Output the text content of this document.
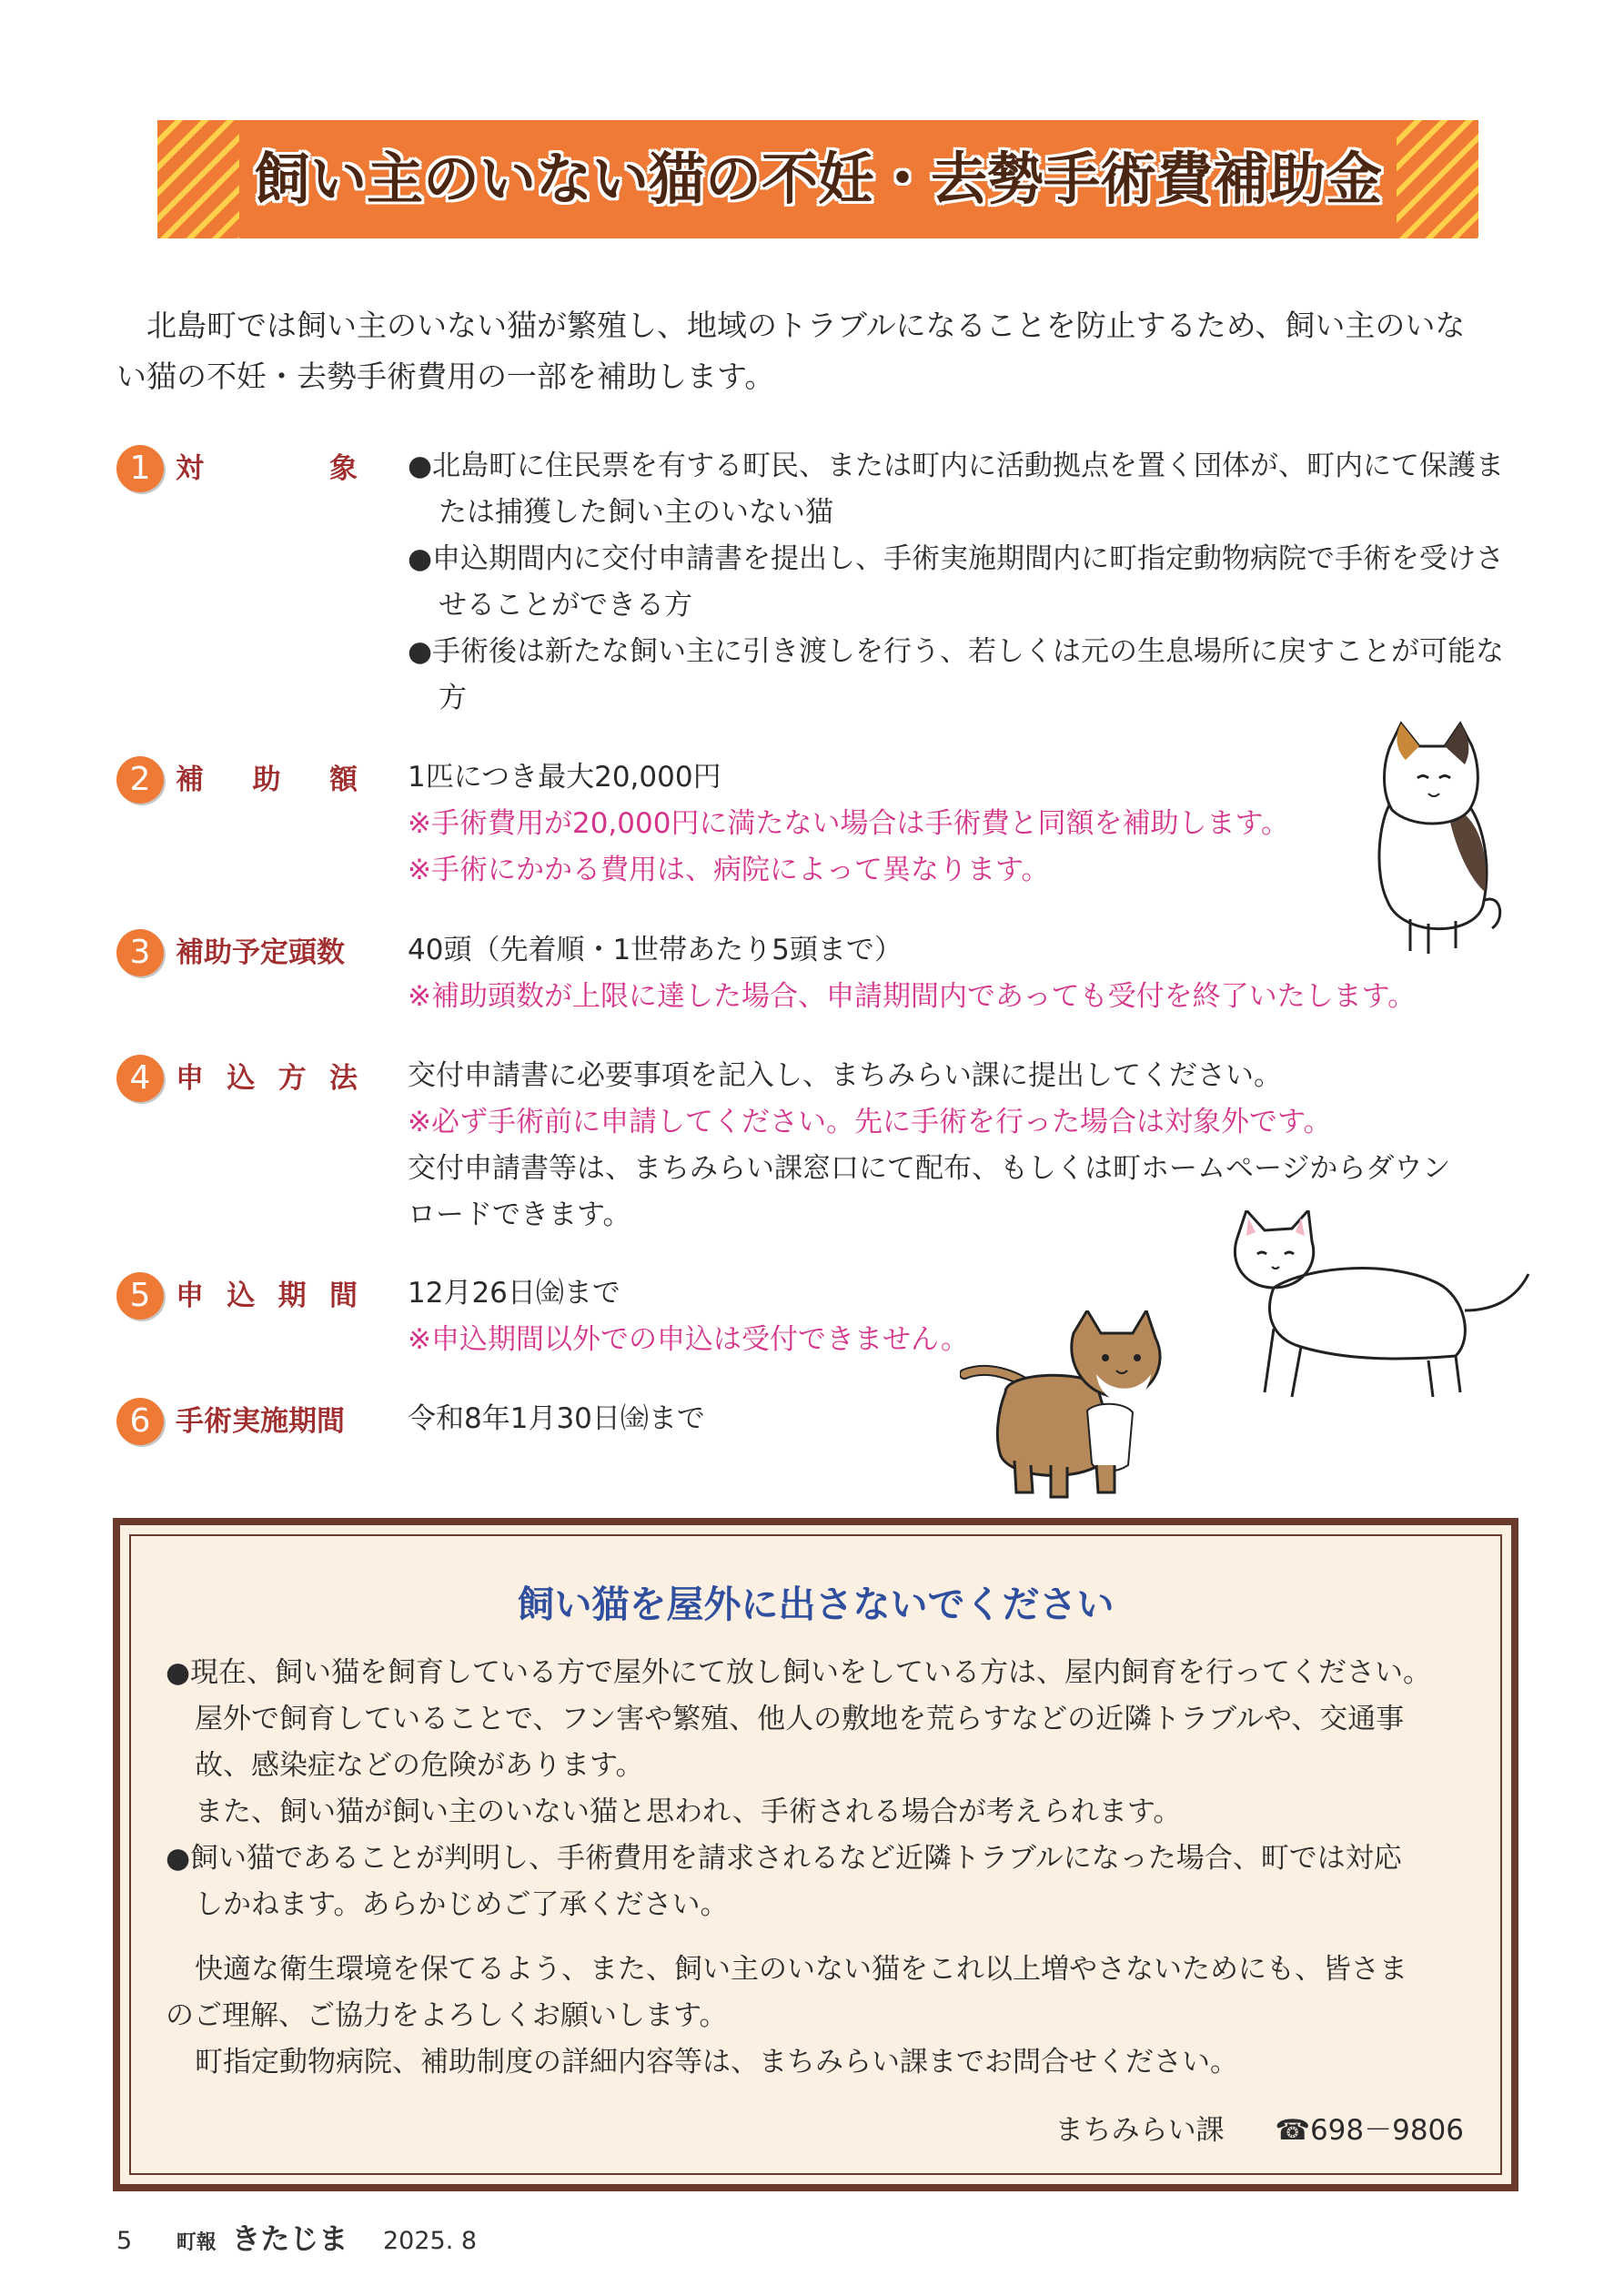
飼い主のいない猫の不妊・去勢手術費補助金

北島町では飼い主のいない猫が繁殖し、地域のトラブルになることを防止するため、飼い主のいな
い猫の不妊・去勢手術費用の一部を補助します。

1 対	象 ●北島町に住民票を有する町民、または町内に活動拠点を置く団体が、町内にて保護または捕獲した飼い主のいない猫
●申込期間内に交付申請書を提出し、手術実施期間内に町指定動物病院で手術を受けさせることができる方
●手術後は新たな飼い主に引き渡しを行う、若しくは元の生息場所に戻すことが可能な方
2 補 助 額 1匹につき最大20,000円
※手術費用が20,000円に満たない場合は手術費と同額を補助します。
※手術にかかる費用は、病院によって異なります。
3 補助予定頭数 40頭（先着順・1世帯あたり5頭まで）
※補助頭数が上限に達した場合、申請期間内であっても受付を終了いたします。
4 申 込 方 法 交付申請書に必要事項を記入し、まちみらい課に提出してください。
※必ず手術前に申請してください。先に手術を行った場合は対象外です。
交付申請書等は、まちみらい課窓口にて配布、もしくは町ホームページからダウン
ロードできます。
5 申 込 期 間 12月26日㈮まで
※申込期間以外での申込は受付できません。
6 手術実施期間 令和8年1月30日㈮まで
飼い猫を屋外に出さないでください
●現在、飼い猫を飼育している方で屋外にて放し飼いをしている方は、屋内飼育を行ってください。
屋外で飼育していることで、フン害や繁殖、他人の敷地を荒らすなどの近隣トラブルや、交通事
故、感染症などの危険があります。
また、飼い猫が飼い主のいない猫と思われ、手術される場合が考えられます。
●飼い猫であることが判明し、手術費用を請求されるなど近隣トラブルになった場合、町では対応
しかねます。あらかじめご了承ください。
快適な衛生環境を保てるよう、また、飼い主のいない猫をこれ以上増やさないためにも、皆さま
のご理解、ご協力をよろしくお願いします。
町指定動物病院、補助制度の詳細内容等は、まちみらい課までお問合せください。
まちみらい課 ☎698－9806
5 町報 きたじま 2025. 8
